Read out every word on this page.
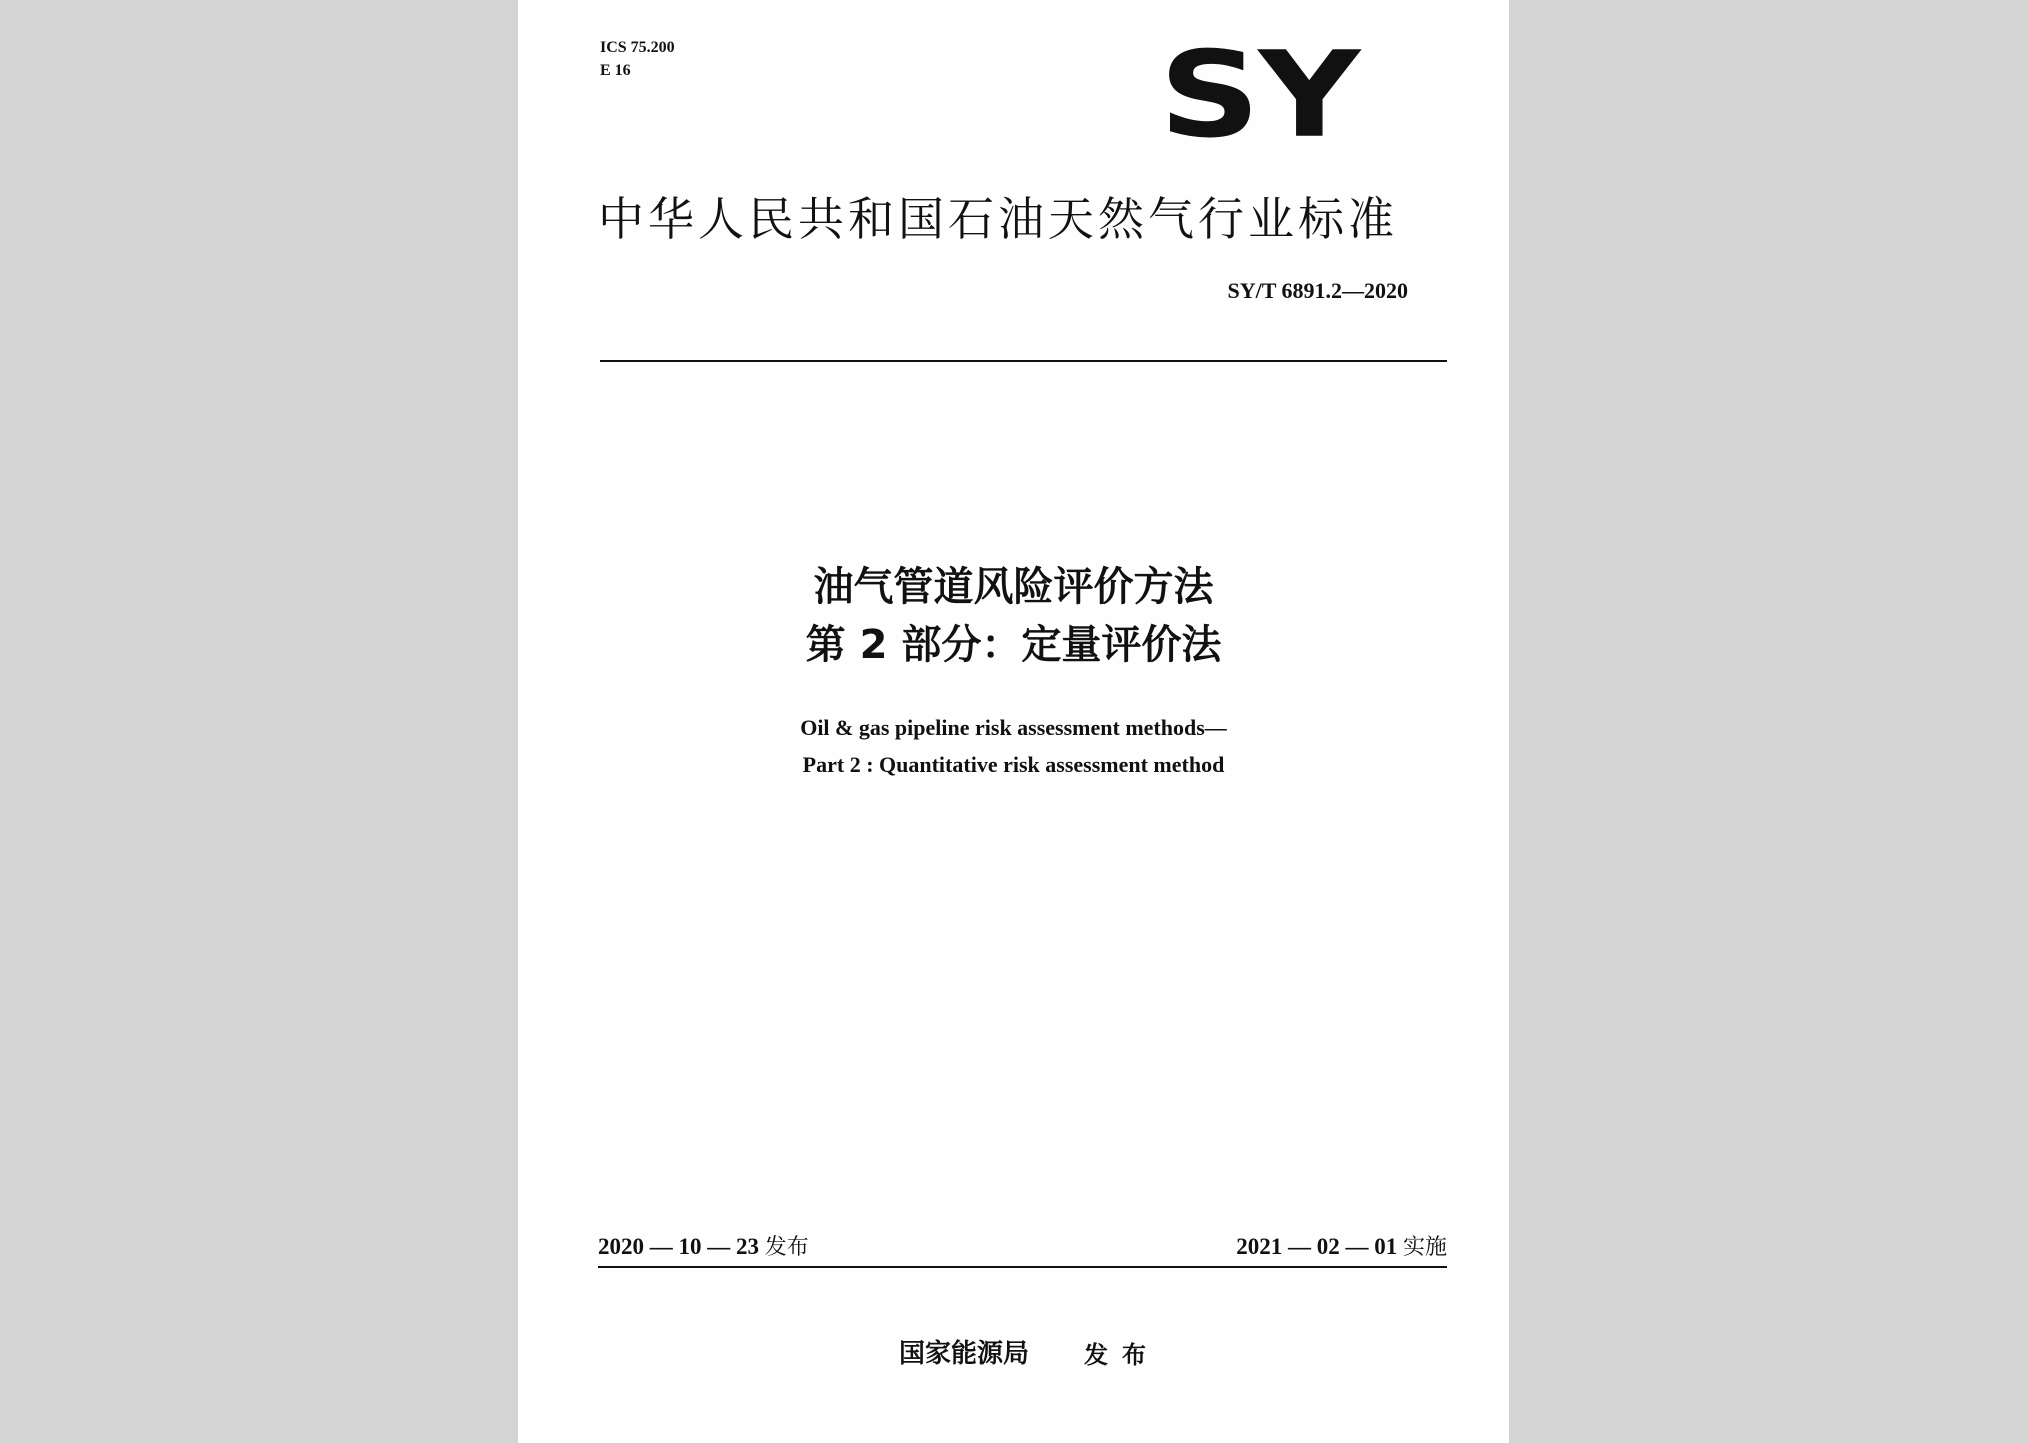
ICS 75.200
E 16	SY
中华人民共和国石油天然气行业标准
SY/T 6891.2—2020
油气管道风险评价方法
第 2 部分：定量评价法
Oil & gas pipeline risk assessment methods—
Part 2 : Quantitative risk assessment method
2020 — 10 — 23 发布	2021 — 02 — 01 实施
国家能源局 发布
